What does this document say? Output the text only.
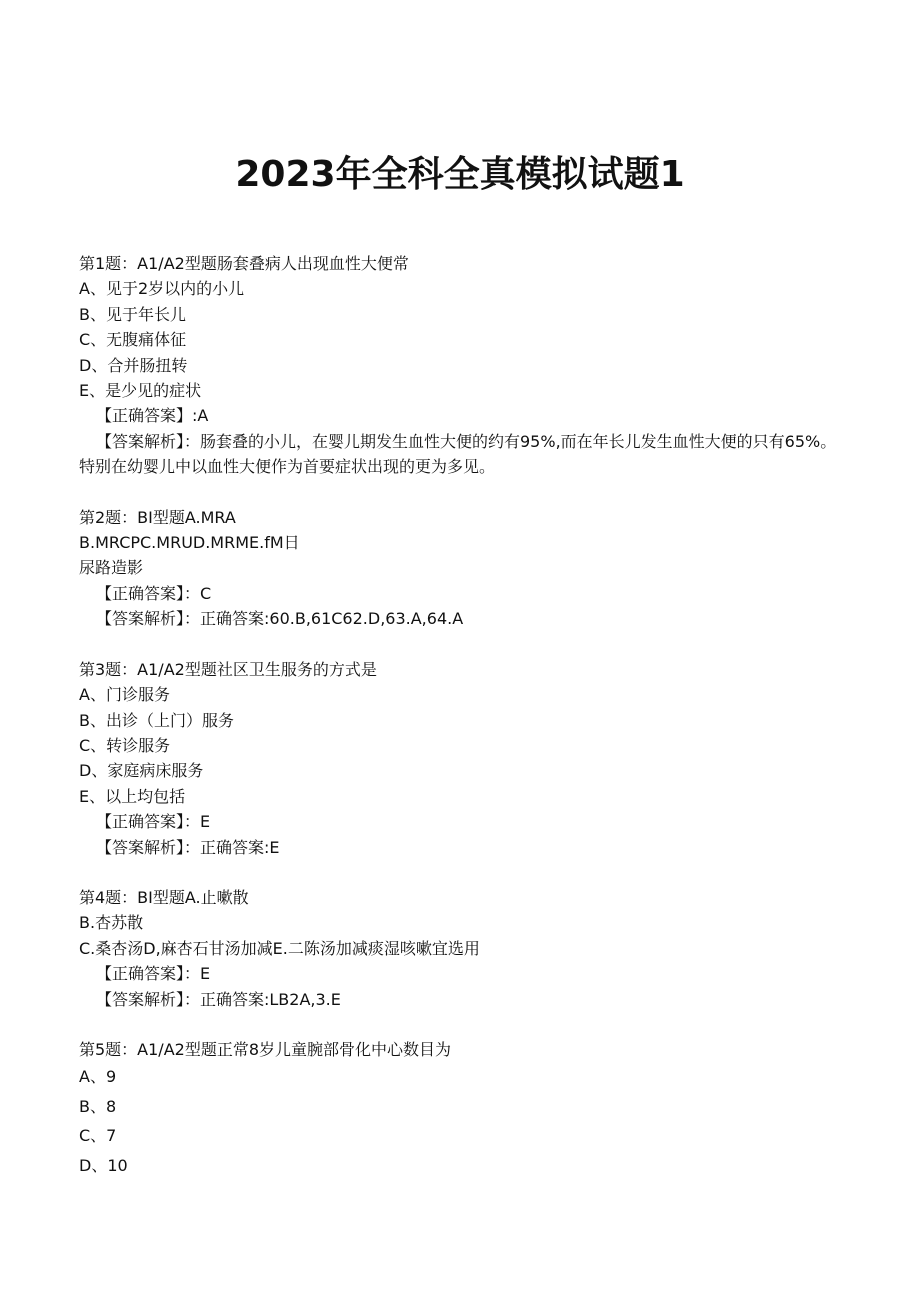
2023年全科全真模拟试题1
第1题：A1/A2型题肠套叠病人出现血性大便常
A、见于2岁以内的小儿
B、见于年长儿
C、无腹痛体征
D、合并肠扭转
E、是少见的症状
【正确答案】:A
【答案解析】：肠套叠的小儿，在婴儿期发生血性大便的约有95%,而在年长儿发生血性大便的只有65%。特别在幼婴儿中以血性大便作为首要症状出现的更为多见。
第2题：BI型题A.MRA
B.MRCPC.MRUD.MRME.fM日
尿路造影
【正确答案】：C
【答案解析】：正确答案:60.B,61C62.D,63.A,64.A
第3题：A1/A2型题社区卫生服务的方式是
A、门诊服务
B、出诊（上门）服务
C、转诊服务
D、家庭病床服务
E、以上均包括
【正确答案】：E
【答案解析】：正确答案:E
第4题：BI型题A.止嗽散
B.杏苏散
C.桑杏汤D,麻杏石甘汤加减E.二陈汤加减痰湿咳嗽宜选用
【正确答案】：E
【答案解析】：正确答案:LB2A,3.E
第5题：A1/A2型题正常8岁儿童腕部骨化中心数目为
A、9
B、8
C、7
D、10
